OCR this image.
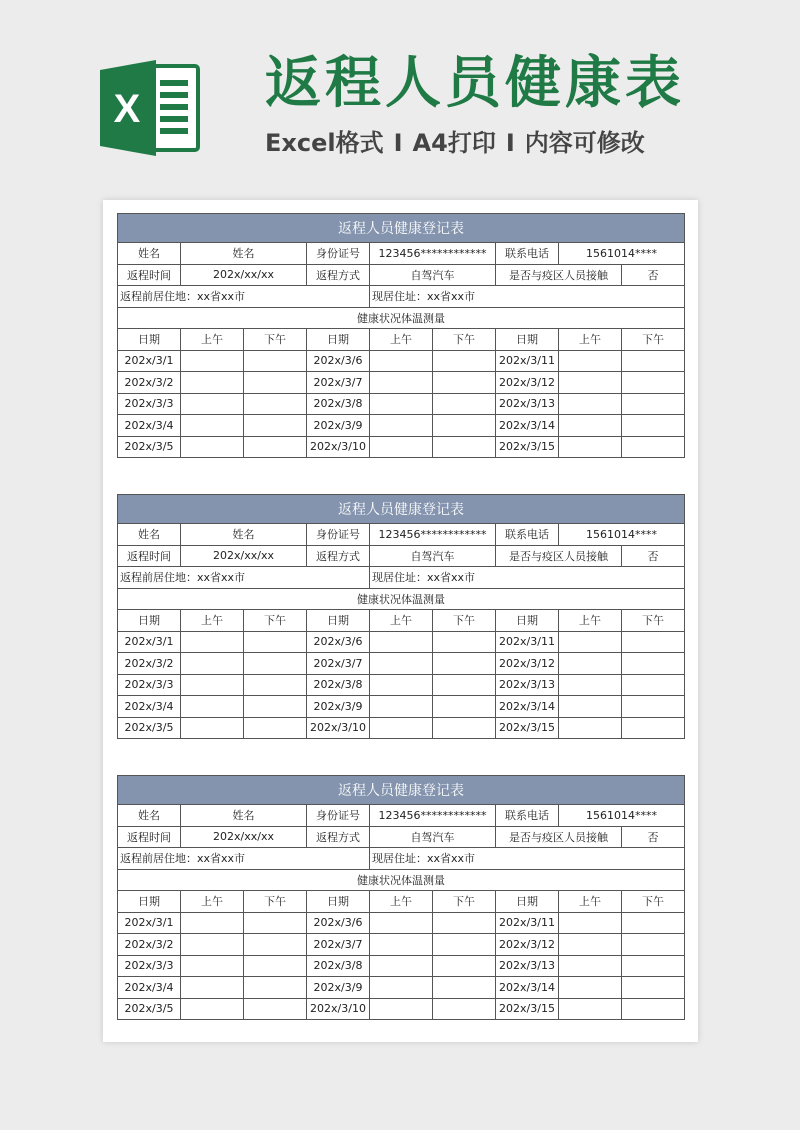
X 返程人员健康表
Excel格式 I A4打印 I 内容可修改
返程人员健康登记表								
姓名	姓名		身份证号	123456************		联系电话	1561014****	
返程时间	202x/xx/xx		返程方式	自驾汽车		是否与疫区人员接触		否
返程前居住地：xx省xx市				现居住址：xx省xx市				
健康状况体温测量								
日期	上午	下午	日期	上午	下午	日期	上午	下午
202x/3/1			202x/3/6			202x/3/11		
202x/3/2			202x/3/7			202x/3/12		
202x/3/3			202x/3/8			202x/3/13		
202x/3/4			202x/3/9			202x/3/14		
202x/3/5			202x/3/10			202x/3/15		
返程人员健康登记表								
姓名	姓名		身份证号	123456************		联系电话	1561014****	
返程时间	202x/xx/xx		返程方式	自驾汽车		是否与疫区人员接触		否
返程前居住地：xx省xx市				现居住址：xx省xx市				
健康状况体温测量								
日期	上午	下午	日期	上午	下午	日期	上午	下午
202x/3/1			202x/3/6			202x/3/11		
202x/3/2			202x/3/7			202x/3/12		
202x/3/3			202x/3/8			202x/3/13		
202x/3/4			202x/3/9			202x/3/14		
202x/3/5			202x/3/10			202x/3/15		
返程人员健康登记表								
姓名	姓名		身份证号	123456************		联系电话	1561014****	
返程时间	202x/xx/xx		返程方式	自驾汽车		是否与疫区人员接触		否
返程前居住地：xx省xx市				现居住址：xx省xx市				
健康状况体温测量								
日期	上午	下午	日期	上午	下午	日期	上午	下午
202x/3/1			202x/3/6			202x/3/11		
202x/3/2			202x/3/7			202x/3/12		
202x/3/3			202x/3/8			202x/3/13		
202x/3/4			202x/3/9			202x/3/14		
202x/3/5			202x/3/10			202x/3/15		
